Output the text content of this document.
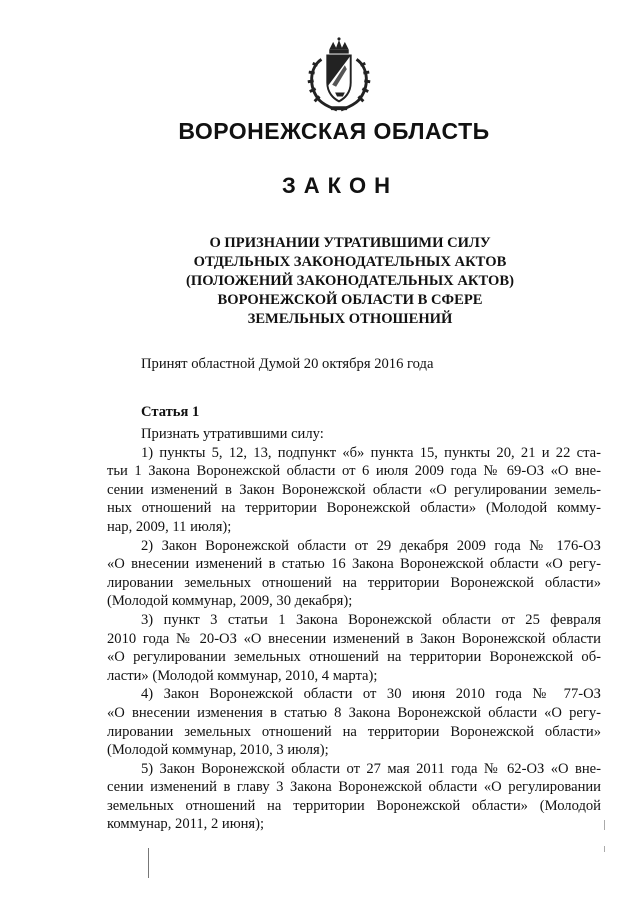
ВОРОНЕЖСКАЯ ОБЛАСТЬ
ЗАКОН
О ПРИЗНАНИИ УТРАТИВШИМИ СИЛУ
ОТДЕЛЬНЫХ ЗАКОНОДАТЕЛЬНЫХ АКТОВ
(ПОЛОЖЕНИЙ ЗАКОНОДАТЕЛЬНЫХ АКТОВ)
ВОРОНЕЖСКОЙ ОБЛАСТИ В СФЕРЕ
ЗЕМЕЛЬНЫХ ОТНОШЕНИЙ
Принят областной Думой 20 октября 2016 года
Статья 1
Признать утратившими силу:
1) пункты 5, 12, 13, подпункт «б» пункта 15, пункты 20, 21 и 22 ста-
тьи 1 Закона Воронежской области от 6 июля 2009 года № 69-ОЗ «О вне-
сении изменений в Закон Воронежской области «О регулировании земель-
ных отношений на территории Воронежской области» (Молодой комму-
нар, 2009, 11 июля);
2) Закон Воронежской области от 29 декабря 2009 года № 176-ОЗ
«О внесении изменений в статью 16 Закона Воронежской области «О регу-
лировании земельных отношений на территории Воронежской области»
(Молодой коммунар, 2009, 30 декабря);
3) пункт 3 статьи 1 Закона Воронежской области от 25 февраля
2010 года № 20-ОЗ «О внесении изменений в Закон Воронежской области
«О регулировании земельных отношений на территории Воронежской об-
ласти» (Молодой коммунар, 2010, 4 марта);
4) Закон Воронежской области от 30 июня 2010 года № 77-ОЗ
«О внесении изменения в статью 8 Закона Воронежской области «О регу-
лировании земельных отношений на территории Воронежской области»
(Молодой коммунар, 2010, 3 июля);
5) Закон Воронежской области от 27 мая 2011 года № 62-ОЗ «О вне-
сении изменений в главу 3 Закона Воронежской области «О регулировании
земельных отношений на территории Воронежской области» (Молодой
коммунар, 2011, 2 июня);
